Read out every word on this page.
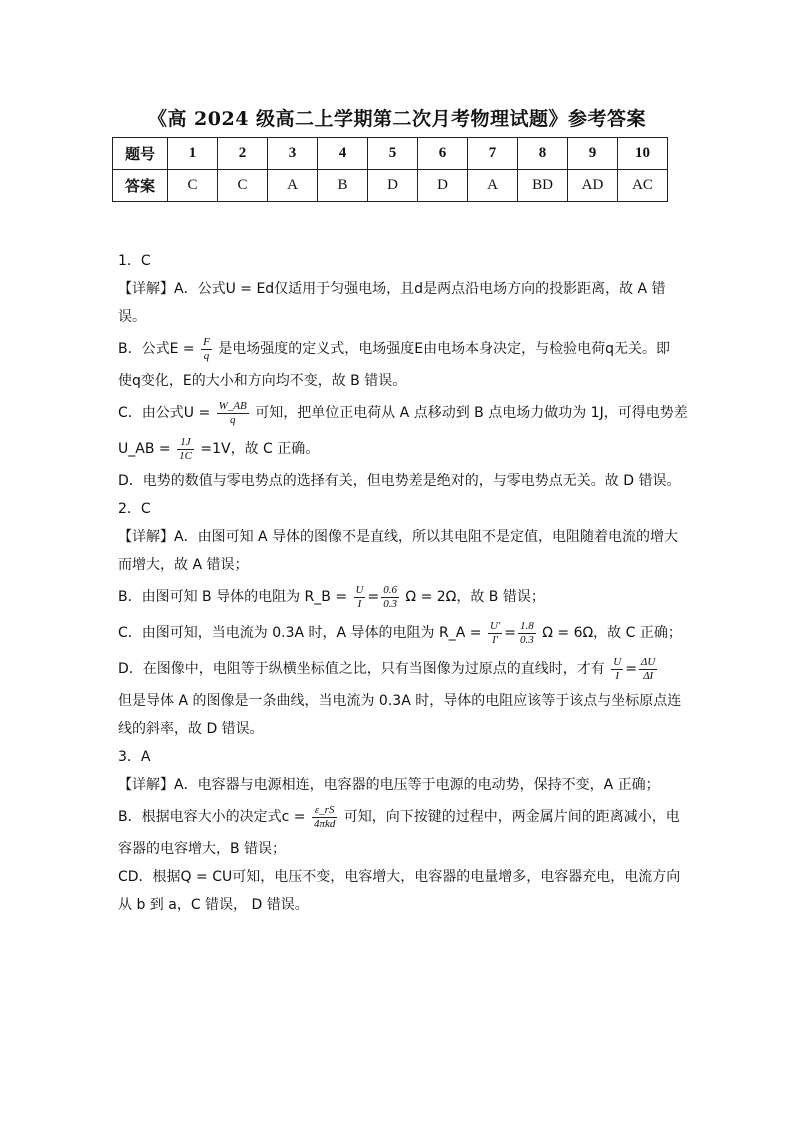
《高 2024 级高二上学期第二次月考物理试题》参考答案
题号	1	2	3	4	5	6	7	8	9	10
答案	C	C	A	B	D	D	A	BD	AD	AC
1．C
【详解】A．公式U = Ed仅适用于匀强电场，且d是两点沿电场方向的投影距离，故 A 错
误。
B．公式$E = \frac{F}{q}$ 是电场强度的定义式，电场强度E由电场本身决定，与检验电荷q无关。即
使q变化，E的大小和方向均不变，故 B 错误。
C．由公式$U = \frac{W\_AB}{q}$ 可知，把单位正电荷从 A 点移动到 B 点电场力做功为 1J，可得电势差
U_AB = $\frac{1J}{1C} =1V$，故 C 正确。
D．电势的数值与零电势点的选择有关，但电势差是绝对的，与零电势点无关。故 D 错误。
2．C
【详解】A．由图可知 A 导体的图像不是直线，所以其电阻不是定值，电阻随着电流的增大
而增大，故 A 错误；
B．由图可知 B 导体的电阻为 R_B = $\frac{U}{I} = \frac{0.6}{0.3}$ Ω = 2Ω，故 B 错误；
C．由图可知，当电流为 0.3A 时，A 导体的电阻为 R_A = $\frac{U'}{I'} = \frac{1.8}{0.3}$ Ω = 6Ω，故 C 正确；
D．在图像中，电阻等于纵横坐标值之比，只有当图像为过原点的直线时，才有 $\frac{U}{I} = \frac{\Delta U}{\Delta I}$
但是导体 A 的图像是一条曲线，当电流为 0.3A 时，导体的电阻应该等于该点与坐标原点连
线的斜率，故 D 错误。
3．A
【详解】A．电容器与电源相连，电容器的电压等于电源的电动势，保持不变，A 正确；
B．根据电容大小的决定式$c = \frac{\varepsilon\_rS}{\text{4πkd}}$ 可知，向下按键的过程中，两金属片间的距离减小，电
容器的电容增大，B 错误；
CD．根据Q = CU可知，电压不变，电容增大，电容器的电量增多，电容器充电，电流方向
从 b 到 a，C 错误， D 错误。
